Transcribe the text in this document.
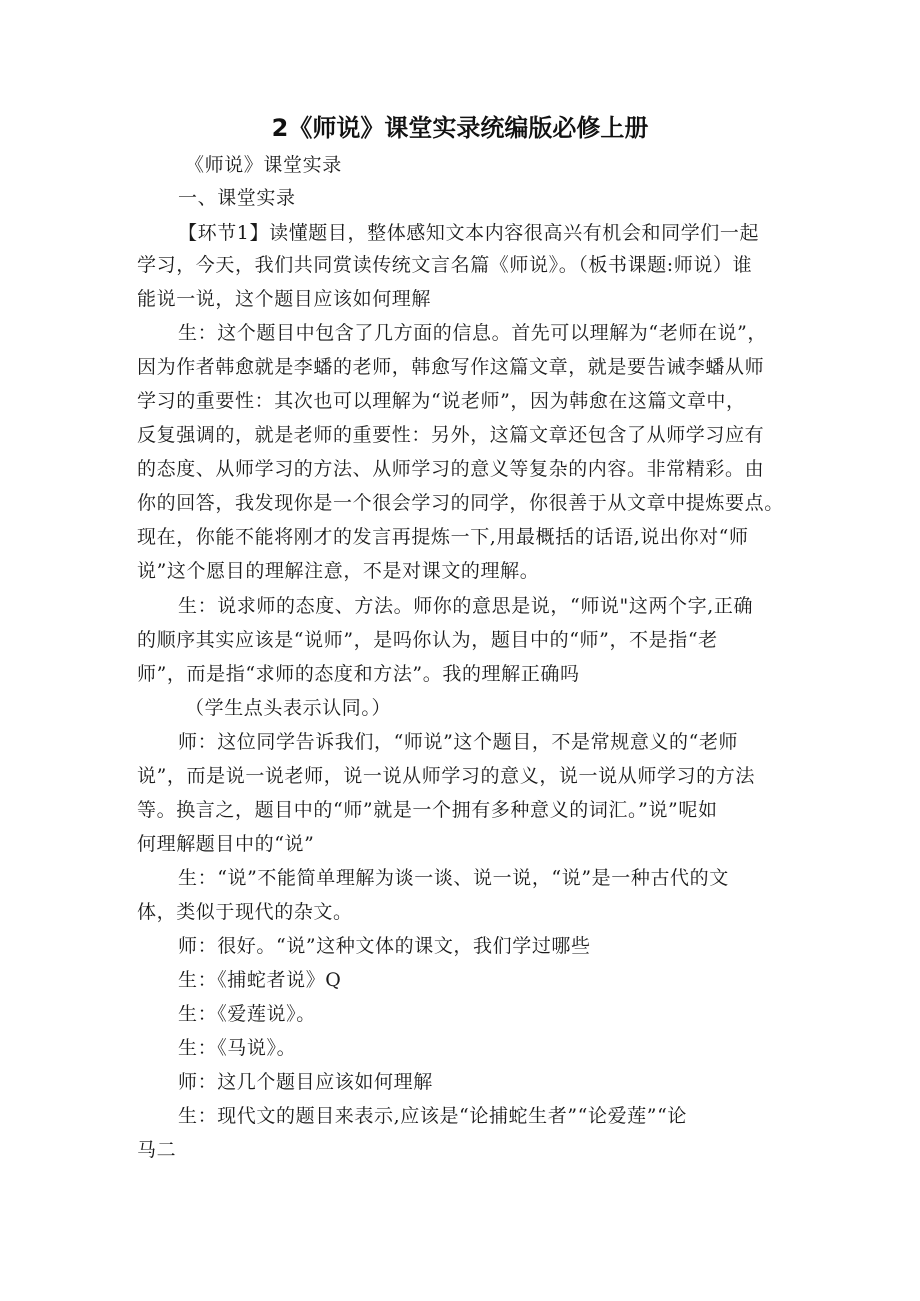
2《师说》课堂实录统编版必修上册
《师说》课堂实录
一、课堂实录
【环节1】读懂题目，整体感知文本内容很高兴有机会和同学们一起
学习，今天，我们共同赏读传统文言名篇《师说》。（板书课题:师说）谁
能说一说，这个题目应该如何理解
生：这个题目中包含了几方面的信息。首先可以理解为“老师在说”，
因为作者韩愈就是李蟠的老师，韩愈写作这篇文章，就是要告诫李蟠从师
学习的重要性：其次也可以理解为“说老师”，因为韩愈在这篇文章中，
反复强调的，就是老师的重要性：另外，这篇文章还包含了从师学习应有
的态度、从师学习的方法、从师学习的意义等复杂的内容。非常精彩。由
你的回答，我发现你是一个很会学习的同学，你很善于从文章中提炼要点。
现在，你能不能将刚才的发言再提炼一下,用最概括的话语,说出你对“师
说”这个愿目的理解注意，不是对课文的理解。
生：说求师的态度、方法。师你的意思是说，“师说"这两个字,正确
的顺序其实应该是“说师”，是吗你认为，题目中的“师”，不是指“老
师”，而是指“求师的态度和方法”。我的理解正确吗
（学生点头表示认同。）
师：这位同学告诉我们，“师说”这个题目，不是常规意义的“老师
说”，而是说一说老师，说一说从师学习的意义，说一说从师学习的方法
等。换言之，题目中的“师”就是一个拥有多种意义的词汇。”说”呢如
何理解题目中的“说”
生：“说”不能简单理解为谈一谈、说一说，“说”是一种古代的文
体，类似于现代的杂文。
师：很好。“说”这种文体的课文，我们学过哪些
生：《捕蛇者说》Q
生：《爱莲说》。
生：《马说》。
师：这几个题目应该如何理解
生：现代文的题目来表示,应该是“论捕蛇生者”“论爱莲”“论
马二
